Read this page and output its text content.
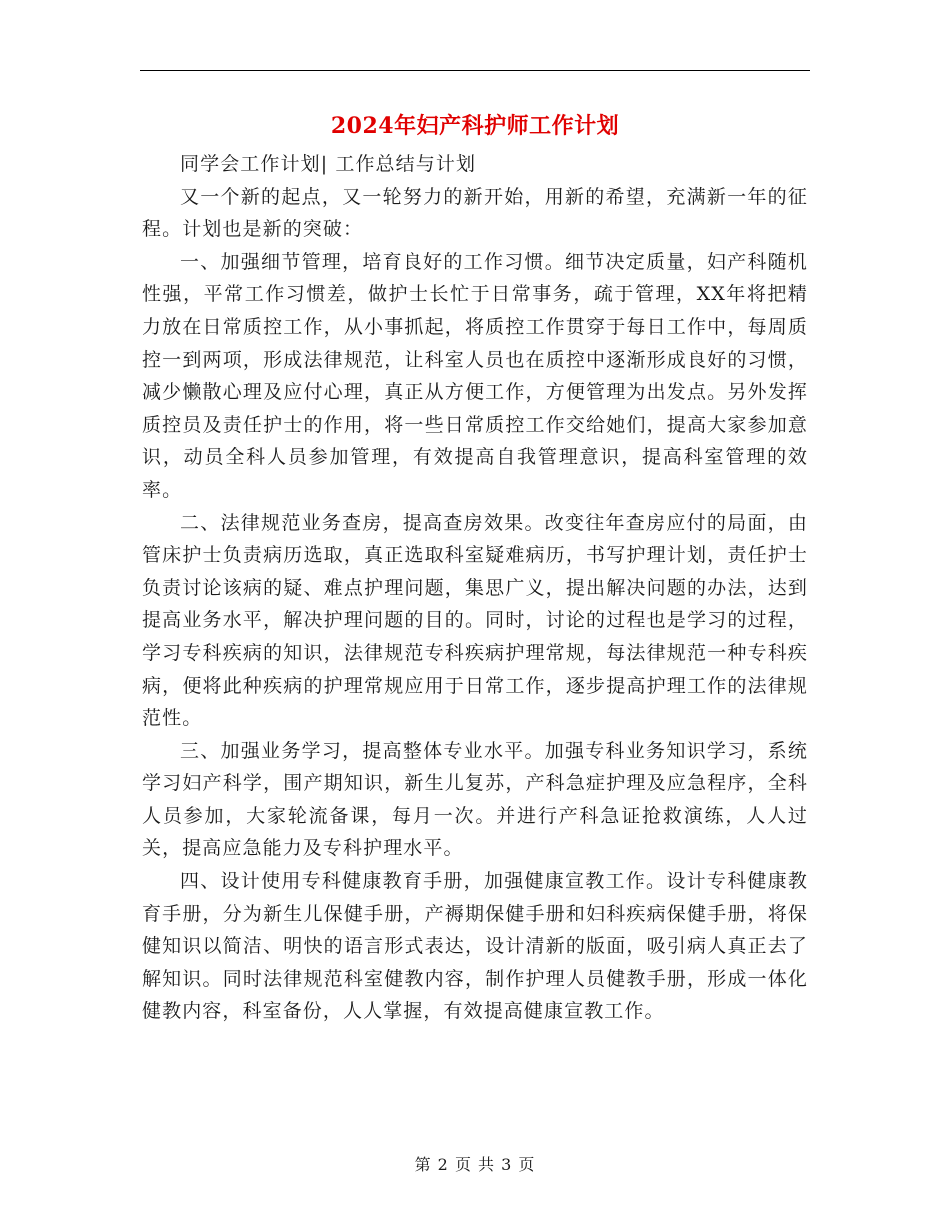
2024年妇产科护师工作计划

同学会工作计划| 工作总结与计划

又一个新的起点，又一轮努力的新开始，用新的希望，充满新一年的征程。计划也是新的突破：

一、加强细节管理，培育良好的工作习惯。细节决定质量，妇产科随机性强，平常工作习惯差，做护士长忙于日常事务，疏于管理，XX年将把精力放在日常质控工作，从小事抓起，将质控工作贯穿于每日工作中，每周质控一到两项，形成法律规范，让科室人员也在质控中逐渐形成良好的习惯，减少懒散心理及应付心理，真正从方便工作，方便管理为出发点。另外发挥质控员及责任护士的作用，将一些日常质控工作交给她们，提高大家参加意识，动员全科人员参加管理，有效提高自我管理意识，提高科室管理的效率。

二、法律规范业务查房，提高查房效果。改变往年查房应付的局面，由管床护士负责病历选取，真正选取科室疑难病历，书写护理计划，责任护士负责讨论该病的疑、难点护理问题，集思广义，提出解决问题的办法，达到提高业务水平，解决护理问题的目的。同时，讨论的过程也是学习的过程，学习专科疾病的知识，法律规范专科疾病护理常规，每法律规范一种专科疾病，便将此种疾病的护理常规应用于日常工作，逐步提高护理工作的法律规范性。

三、加强业务学习，提高整体专业水平。加强专科业务知识学习，系统学习妇产科学，围产期知识，新生儿复苏，产科急症护理及应急程序，全科人员参加，大家轮流备课，每月一次。并进行产科急证抢救演练，人人过关，提高应急能力及专科护理水平。

四、设计使用专科健康教育手册，加强健康宣教工作。设计专科健康教育手册，分为新生儿保健手册，产褥期保健手册和妇科疾病保健手册，将保健知识以简洁、明快的语言形式表达，设计清新的版面，吸引病人真正去了解知识。同时法律规范科室健教内容，制作护理人员健教手册，形成一体化健教内容，科室备份，人人掌握，有效提高健康宣教工作。

第 2 页 共 3 页
